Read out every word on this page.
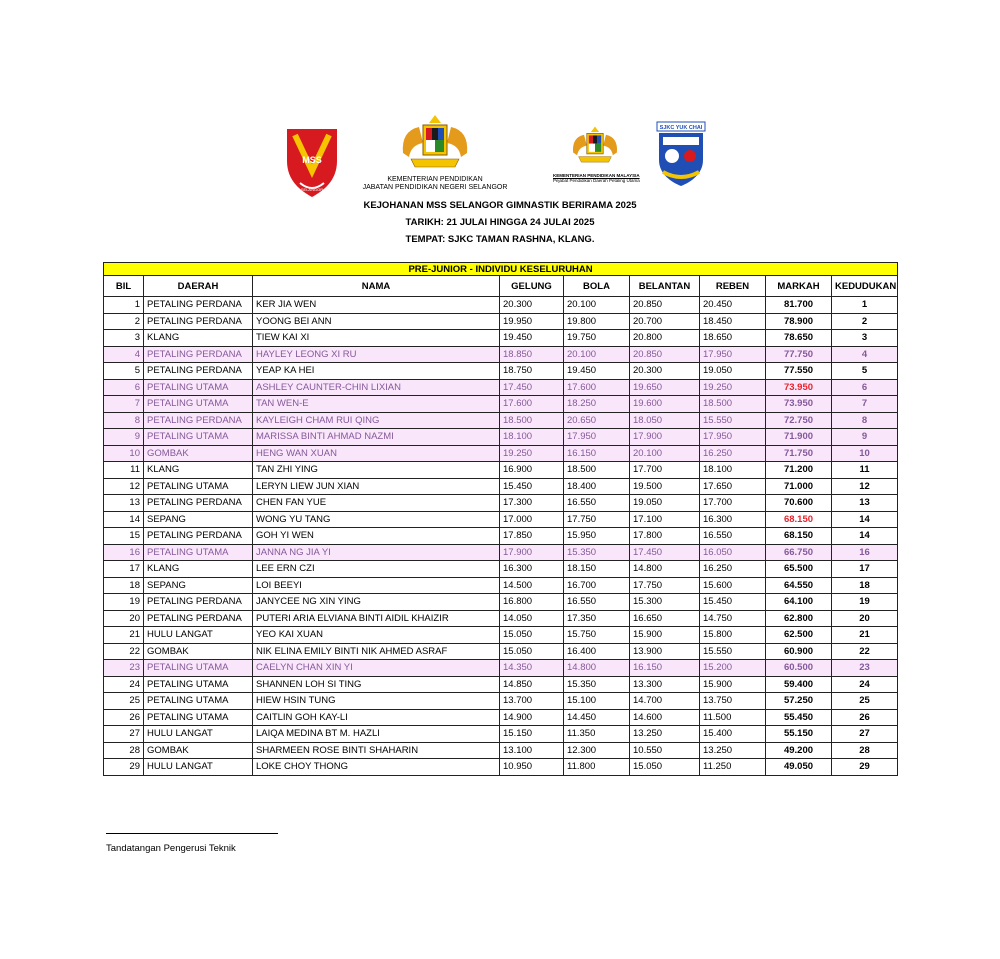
MSS
SELANGOR
KEMENTERIAN PENDIDIKAN
JABATAN PENDIDIKAN NEGERI SELANGOR
KEMENTERIAN PENDIDIKAN MALAYSIA
Pejabat Pendidikan Daerah Petaling Utama
SJKC YUK CHAI
KEJOHANAN MSS SELANGOR GIMNASTIK BERIRAMA 2025
TARIKH: 21 JULAI HINGGA 24 JULAI 2025
TEMPAT: SJKC TAMAN RASHNA, KLANG.
PRE-JUNIOR - INDIVIDU KESELURUHAN								
BIL	DAERAH	NAMA	GELUNG	BOLA	BELANTAN	REBEN	MARKAH	KEDUDUKAN
1	PETALING PERDANA	KER JIA WEN	20.300	20.100	20.850	20.450	81.700	1
2	PETALING PERDANA	YOONG BEI ANN	19.950	19.800	20.700	18.450	78.900	2
3	KLANG	TIEW KAI XI	19.450	19.750	20.800	18.650	78.650	3
4	PETALING PERDANA	HAYLEY LEONG XI RU	18.850	20.100	20.850	17.950	77.750	4
5	PETALING PERDANA	YEAP KA HEI	18.750	19.450	20.300	19.050	77.550	5
6	PETALING UTAMA	ASHLEY CAUNTER-CHIN LIXIAN	17.450	17.600	19.650	19.250	73.950	6
7	PETALING UTAMA	TAN WEN-E	17.600	18.250	19.600	18.500	73.950	7
8	PETALING PERDANA	KAYLEIGH CHAM RUI QING	18.500	20.650	18.050	15.550	72.750	8
9	PETALING UTAMA	MARISSA BINTI AHMAD NAZMI	18.100	17.950	17.900	17.950	71.900	9
10	GOMBAK	HENG WAN XUAN	19.250	16.150	20.100	16.250	71.750	10
11	KLANG	TAN ZHI YING	16.900	18.500	17.700	18.100	71.200	11
12	PETALING UTAMA	LERYN LIEW JUN XIAN	15.450	18.400	19.500	17.650	71.000	12
13	PETALING PERDANA	CHEN FAN YUE	17.300	16.550	19.050	17.700	70.600	13
14	SEPANG	WONG YU TANG	17.000	17.750	17.100	16.300	68.150	14
15	PETALING PERDANA	GOH YI WEN	17.850	15.950	17.800	16.550	68.150	14
16	PETALING UTAMA	JANNA NG JIA YI	17.900	15.350	17.450	16.050	66.750	16
17	KLANG	LEE ERN CZI	16.300	18.150	14.800	16.250	65.500	17
18	SEPANG	LOI BEEYI	14.500	16.700	17.750	15.600	64.550	18
19	PETALING PERDANA	JANYCEE NG XIN YING	16.800	16.550	15.300	15.450	64.100	19
20	PETALING PERDANA	PUTERI ARIA ELVIANA BINTI AIDIL KHAIZIR	14.050	17.350	16.650	14.750	62.800	20
21	HULU LANGAT	YEO KAI XUAN	15.050	15.750	15.900	15.800	62.500	21
22	GOMBAK	NIK ELINA EMILY BINTI NIK AHMED ASRAF	15.050	16.400	13.900	15.550	60.900	22
23	PETALING UTAMA	CAELYN CHAN XIN YI	14.350	14.800	16.150	15.200	60.500	23
24	PETALING UTAMA	SHANNEN LOH SI TING	14.850	15.350	13.300	15.900	59.400	24
25	PETALING UTAMA	HIEW HSIN TUNG	13.700	15.100	14.700	13.750	57.250	25
26	PETALING UTAMA	CAITLIN GOH KAY-LI	14.900	14.450	14.600	11.500	55.450	26
27	HULU LANGAT	LAIQA MEDINA BT M. HAZLI	15.150	11.350	13.250	15.400	55.150	27
28	GOMBAK	SHARMEEN ROSE BINTI SHAHARIN	13.100	12.300	10.550	13.250	49.200	28
29	HULU LANGAT	LOKE CHOY THONG	10.950	11.800	15.050	11.250	49.050	29
Tandatangan Pengerusi Teknik
